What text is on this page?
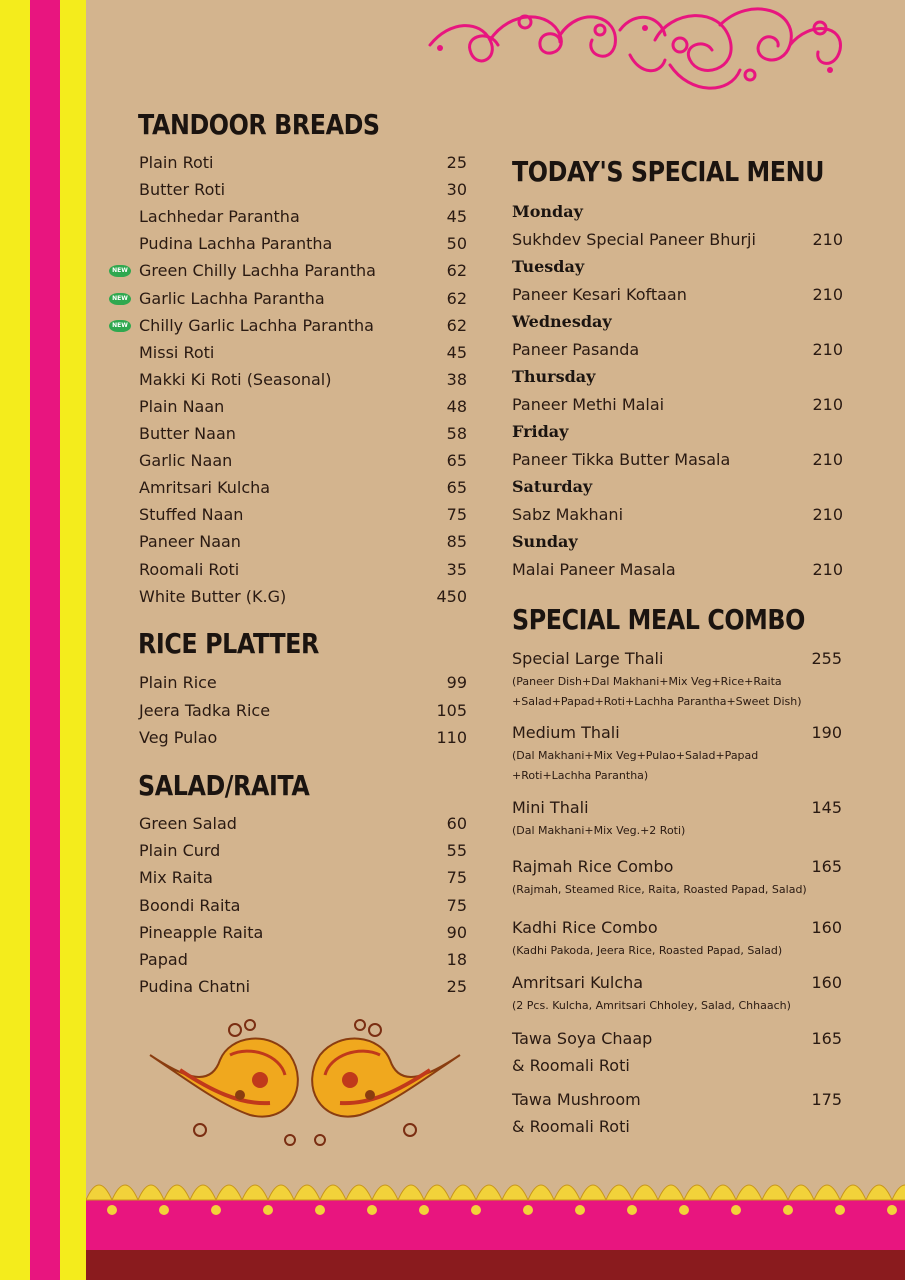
TANDOOR BREADS
Plain Roti	25
Butter Roti	30
Lachhedar Parantha	45
Pudina Lachha Parantha	50
NEW Green Chilly Lachha Parantha	62
NEW Garlic Lachha Parantha	62
NEW Chilly Garlic Lachha Parantha	62
Missi Roti	45
Makki Ki Roti (Seasonal)	38
Plain Naan	48
Butter Naan	58
Garlic Naan	65
Amritsari Kulcha	65
Stuffed Naan	75
Paneer Naan	85
Roomali Roti	35
White Butter (K.G)	450
RICE PLATTER
Plain Rice	99
Jeera Tadka Rice	105
Veg Pulao	110
SALAD/RAITA
Green Salad	60
Plain Curd	55
Mix Raita	75
Boondi Raita	75
Pineapple Raita	90
Papad	18
Pudina Chatni	25
TODAY'S SPECIAL MENU
Monday
Sukhdev Special Paneer Bhurji	210
Tuesday
Paneer Kesari Koftaan	210
Wednesday
Paneer Pasanda	210
Thursday
Paneer Methi Malai	210
Friday
Paneer Tikka Butter Masala	210
Saturday
Sabz Makhani	210
Sunday
Malai Paneer Masala	210
SPECIAL MEAL COMBO
Special Large Thali	255
(Paneer Dish+Dal Makhani+Mix Veg+Rice+Raita
+Salad+Papad+Roti+Lachha Parantha+Sweet Dish)
Medium Thali	190
(Dal Makhani+Mix Veg+Pulao+Salad+Papad
+Roti+Lachha Parantha)
Mini Thali	145
(Dal Makhani+Mix Veg.+2 Roti)
Rajmah Rice Combo	165
(Rajmah, Steamed Rice, Raita, Roasted Papad, Salad)
Kadhi Rice Combo	160
(Kadhi Pakoda, Jeera Rice, Roasted Papad, Salad)
Amritsari Kulcha	160
(2 Pcs. Kulcha, Amritsari Chholey, Salad, Chhaach)
Tawa Soya Chaap	165
& Roomali Roti
Tawa Mushroom	175
& Roomali Roti
